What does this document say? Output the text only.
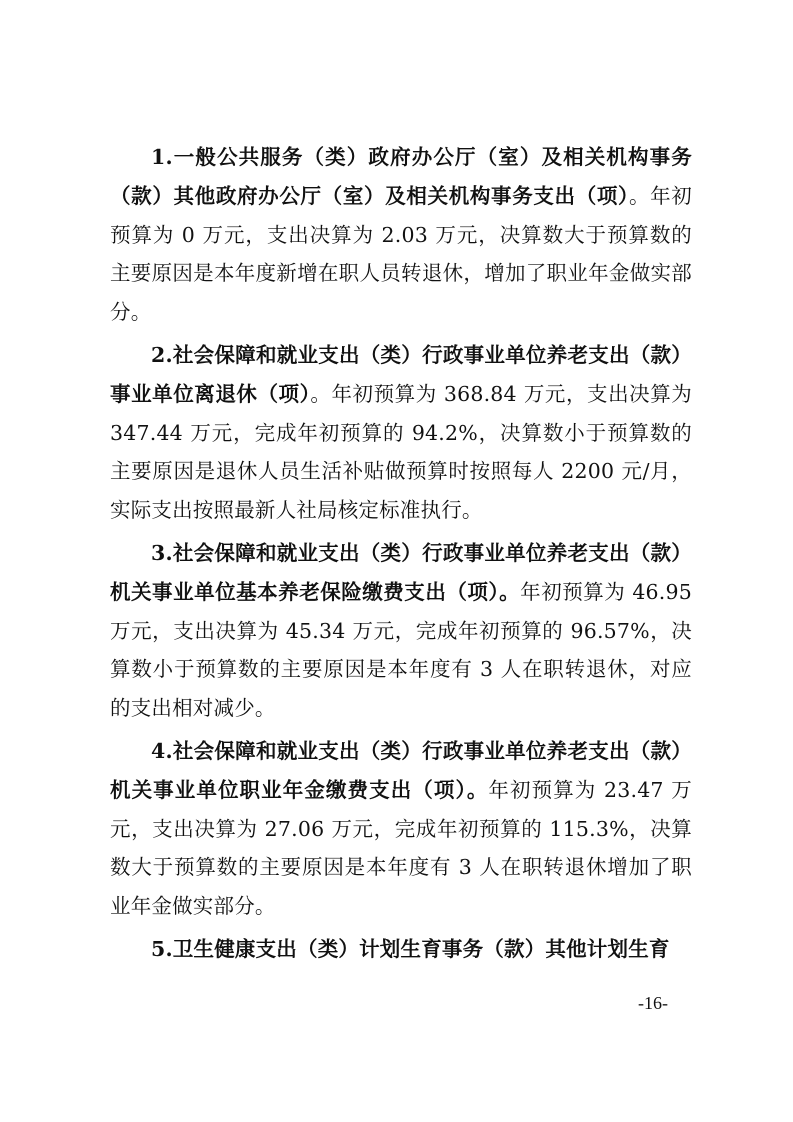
1.一般公共服务（类）政府办公厅（室）及相关机构事务（款）其他政府办公厅（室）及相关机构事务支出（项）。年初预算为 0 万元，支出决算为 2.03 万元，决算数大于预算数的主要原因是本年度新增在职人员转退休，增加了职业年金做实部分。

2.社会保障和就业支出（类）行政事业单位养老支出（款）事业单位离退休（项）。年初预算为 368.84 万元，支出决算为 347.44 万元，完成年初预算的 94.2%，决算数小于预算数的主要原因是退休人员生活补贴做预算时按照每人 2200 元/月，实际支出按照最新人社局核定标准执行。

3.社会保障和就业支出（类）行政事业单位养老支出（款）机关事业单位基本养老保险缴费支出（项）。年初预算为 46.95 万元，支出决算为 45.34 万元，完成年初预算的 96.57%，决算数小于预算数的主要原因是本年度有 3 人在职转退休，对应的支出相对减少。

4.社会保障和就业支出（类）行政事业单位养老支出（款）机关事业单位职业年金缴费支出（项）。年初预算为 23.47 万元，支出决算为 27.06 万元，完成年初预算的 115.3%，决算数大于预算数的主要原因是本年度有 3 人在职转退休增加了职业年金做实部分。

5.卫生健康支出（类）计划生育事务（款）其他计划生育

-16-
